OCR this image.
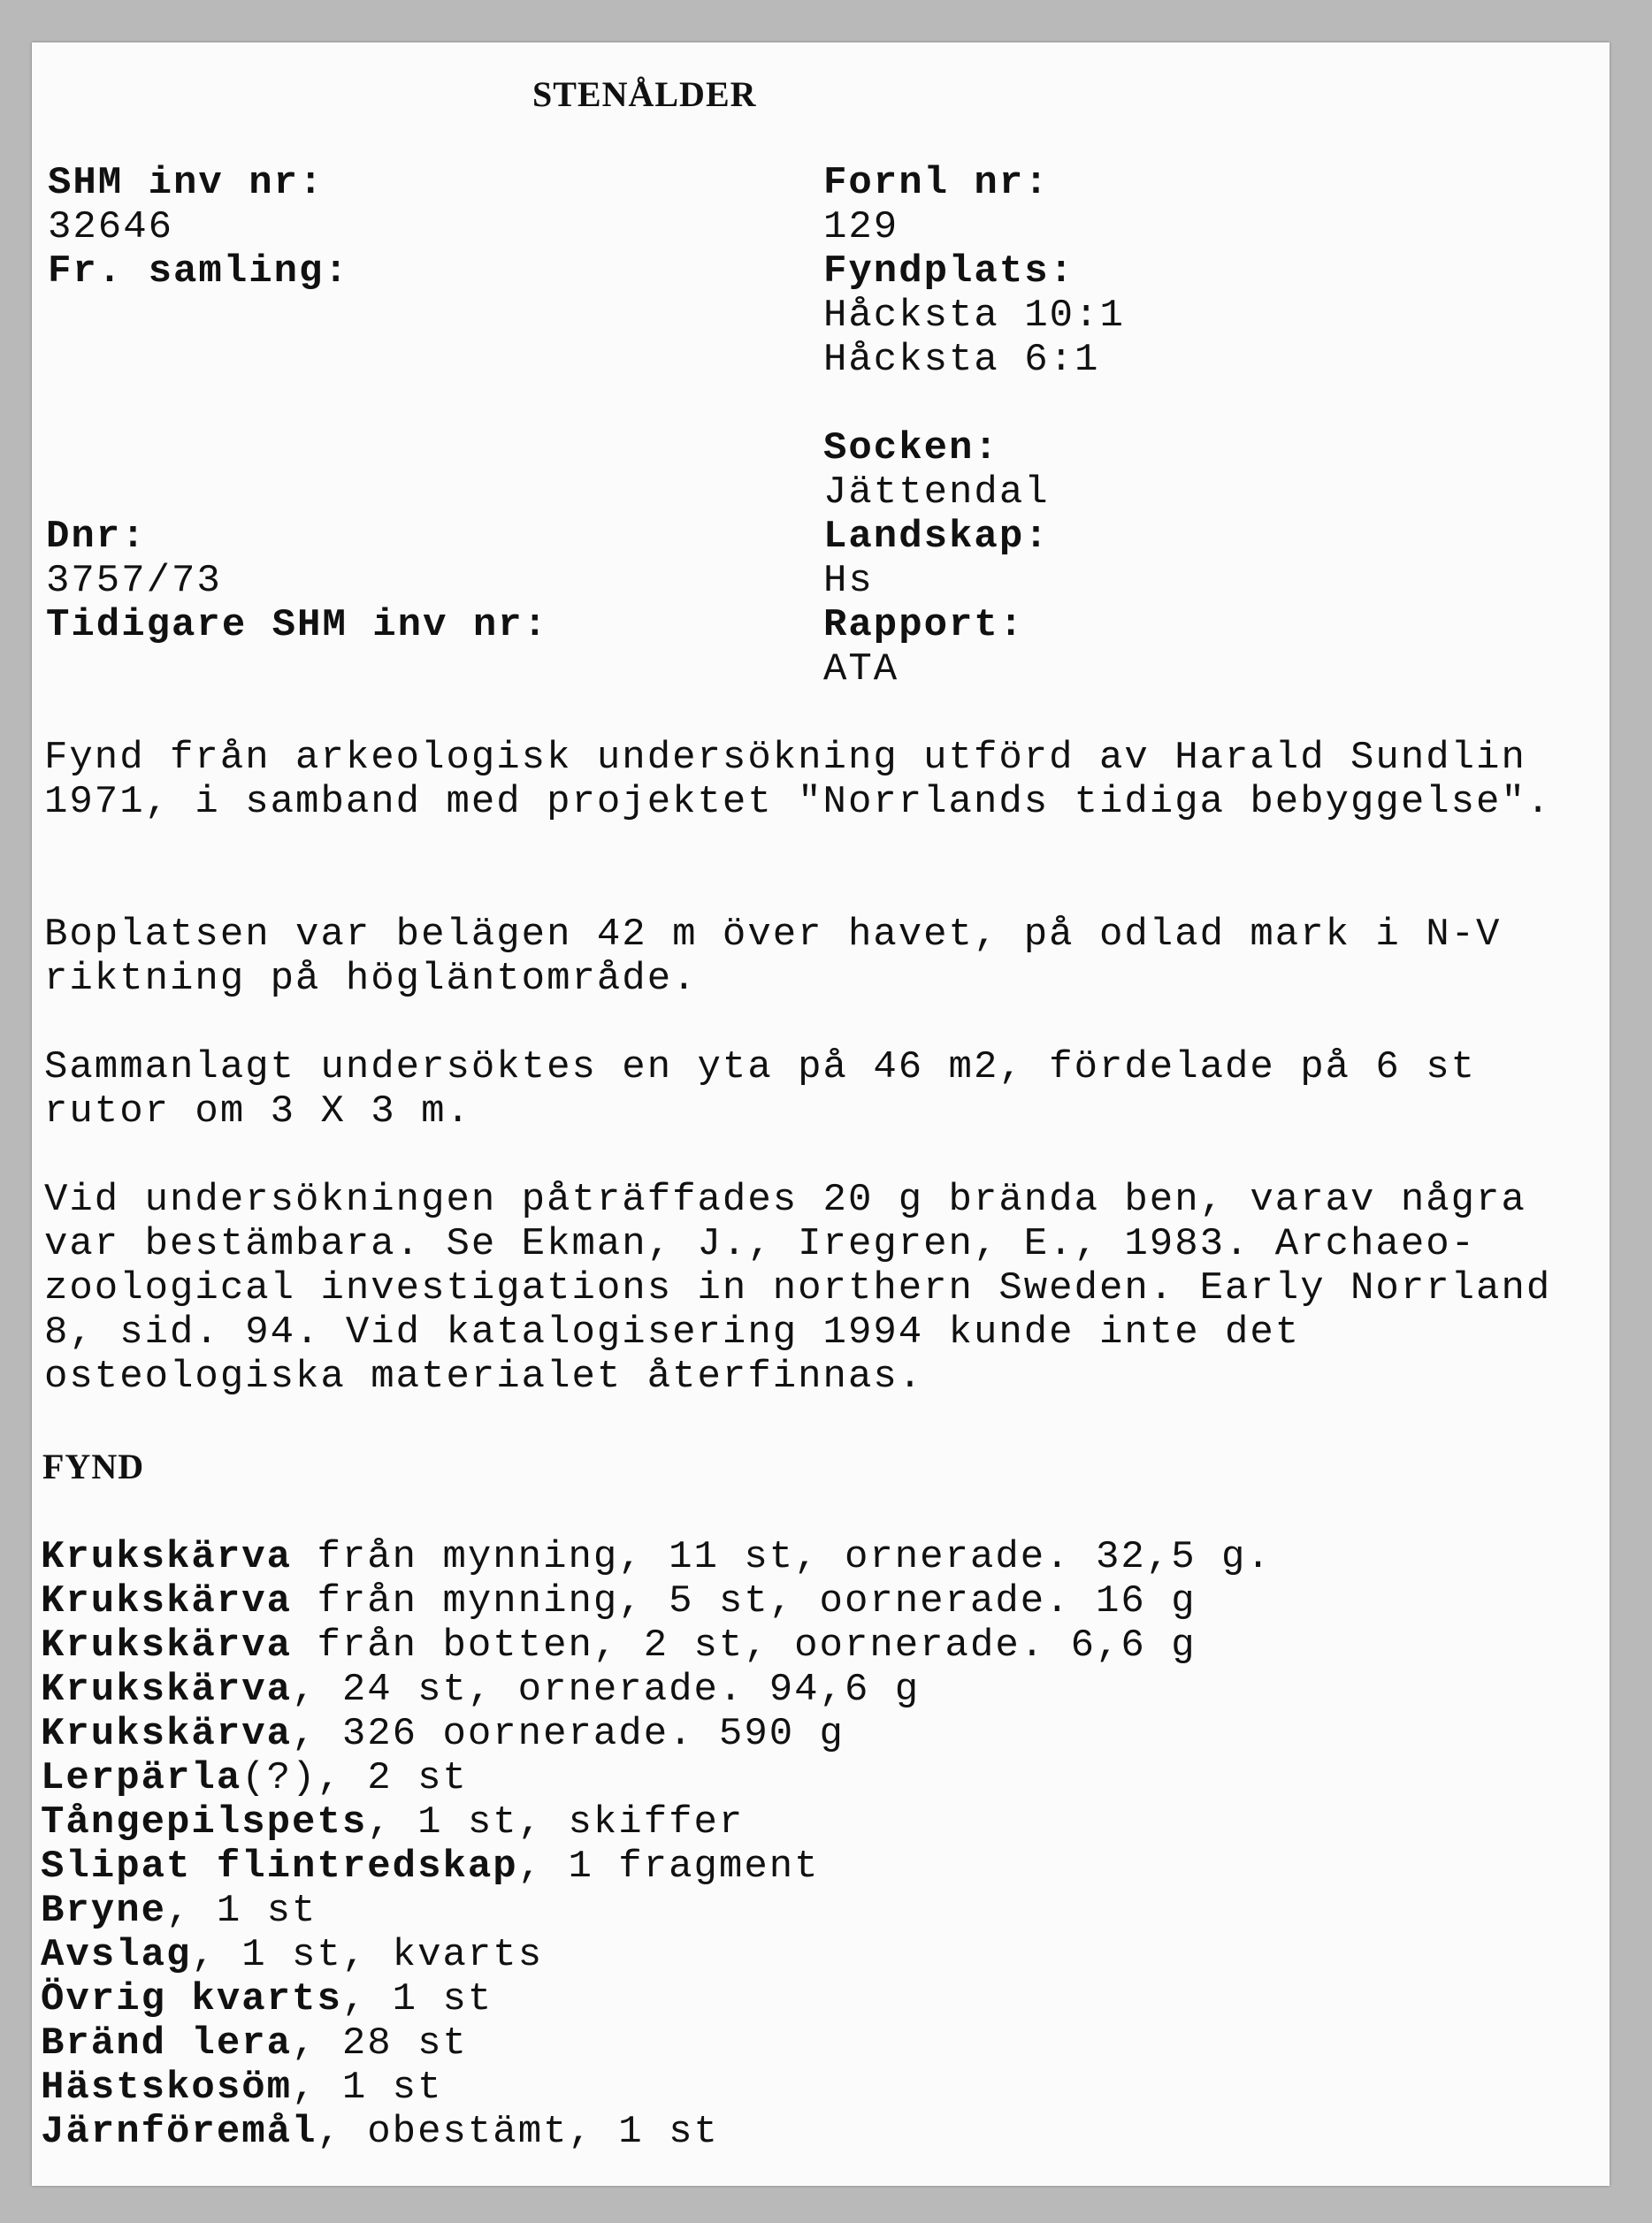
STENÅLDER

SHM inv nr:

32646

Fr. samling:

Dnr:

3757/73

Tidigare SHM inv nr:

Fornl nr:

129

Fyndplats:

Håcksta 10:1

Håcksta 6:1

Socken:

Jättendal

Landskap:

Hs

Rapport:

ATA

Fynd från arkeologisk undersökning utförd av Harald Sundlin 1971, i samband med projektet "Norrlands tidiga bebyggelse".

Boplatsen var belägen 42 m över havet, på odlad mark i N-V riktning på högläntområde.

Sammanlagt undersöktes en yta på 46 m2, fördelade på 6 st rutor om 3 X 3 m.

Vid undersökningen påträffades 20 g brända ben, varav några var bestämbara. Se Ekman, J., Iregren, E., 1983. Archaeo-zoological investigations in northern Sweden. Early Norrland 8, sid. 94. Vid katalogisering 1994 kunde inte det osteologiska materialet återfinnas.

FYND

Krukskärva från mynning, 11 st, ornerade. 32,5 g.
Krukskärva från mynning, 5 st, oornerade. 16 g
Krukskärva från botten, 2 st, oornerade. 6,6 g
Krukskärva, 24 st, ornerade. 94,6 g
Krukskärva, 326 oornerade. 590 g
Lerpärla(?), 2 st
Tångepilspets, 1 st, skiffer
Slipat flintredskap, 1 fragment
Bryne, 1 st
Avslag, 1 st, kvarts
Övrig kvarts, 1 st
Bränd lera, 28 st
Hästskosöm, 1 st
Järnföremål, obestämt, 1 st
